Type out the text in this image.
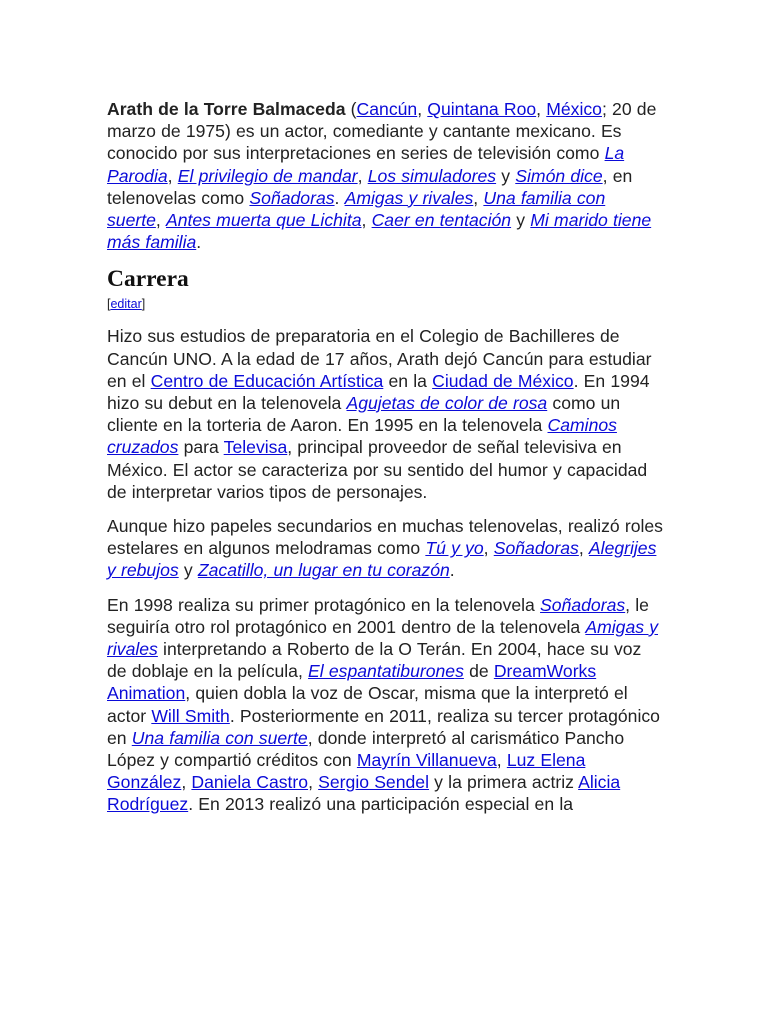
Arath de la Torre Balmaceda (Cancún, Quintana Roo, México; 20 de marzo de 1975) es un actor, comediante y cantante mexicano. Es conocido por sus interpretaciones en series de televisión como La Parodia, El privilegio de mandar, Los simuladores y Simón dice, en telenovelas como Soñadoras. Amigas y rivales, Una familia con suerte, Antes muerta que Lichita, Caer en tentación y Mi marido tiene más familia.

Carrera
[editar]

Hizo sus estudios de preparatoria en el Colegio de Bachilleres de Cancún UNO. A la edad de 17 años, Arath dejó Cancún para estudiar en el Centro de Educación Artística en la Ciudad de México. En 1994 hizo su debut en la telenovela Agujetas de color de rosa como un cliente en la torteria de Aaron. En 1995 en la telenovela Caminos cruzados para Televisa, principal proveedor de señal televisiva en México. El actor se caracteriza por su sentido del humor y capacidad de interpretar varios tipos de personajes.

Aunque hizo papeles secundarios en muchas telenovelas, realizó roles estelares en algunos melodramas como Tú y yo, Soñadoras, Alegrijes y rebujos y Zacatillo, un lugar en tu corazón.

En 1998 realiza su primer protagónico en la telenovela Soñadoras, le seguiría otro rol protagónico en 2001 dentro de la telenovela Amigas y rivales interpretando a Roberto de la O Terán. En 2004, hace su voz de doblaje en la película, El espantatiburones de DreamWorks Animation, quien dobla la voz de Oscar, misma que la interpretó el actor Will Smith. Posteriormente en 2011, realiza su tercer protagónico en Una familia con suerte, donde interpretó al carismático Pancho López y compartió créditos con Mayrín Villanueva, Luz Elena González, Daniela Castro, Sergio Sendel y la primera actriz Alicia Rodríguez. En 2013 realizó una participación especial en la
